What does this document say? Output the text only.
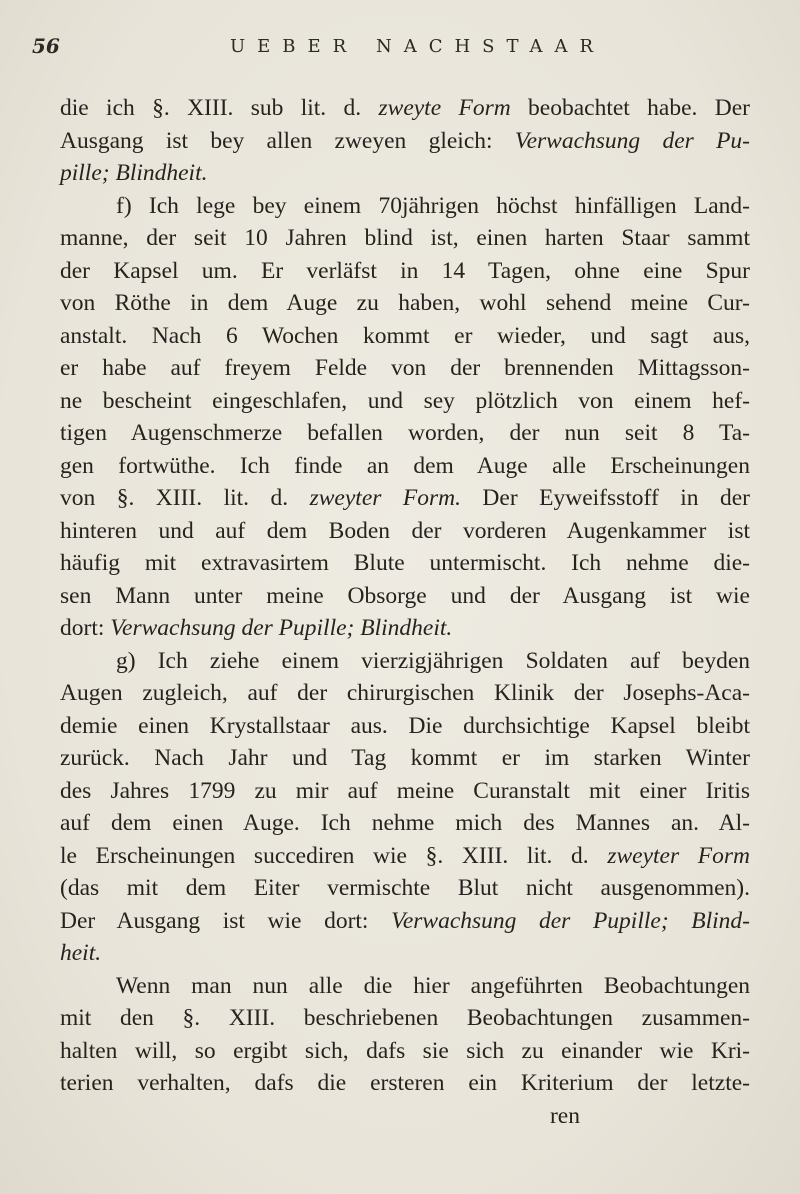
56	UEBER NACHSTAAR
die ich §. XIII. sub lit. d. zweyte Form beobachtet habe. Der
Ausgang ist bey allen zweyen gleich: Verwachsung der Pu-
pille; Blindheit.
f) Ich lege bey einem 70jährigen höchst hinfälligen Land-
manne, der seit 10 Jahren blind ist, einen harten Staar sammt
der Kapsel um. Er verläfst in 14 Tagen, ohne eine Spur
von Röthe in dem Auge zu haben, wohl sehend meine Cur-
anstalt. Nach 6 Wochen kommt er wieder, und sagt aus,
er habe auf freyem Felde von der brennenden Mittagsson-
ne bescheint eingeschlafen, und sey plötzlich von einem hef-
tigen Augenschmerze befallen worden, der nun seit 8 Ta-
gen fortwüthe. Ich finde an dem Auge alle Erscheinungen
von §. XIII. lit. d. zweyter Form. Der Eyweifsstoff in der
hinteren und auf dem Boden der vorderen Augenkammer ist
häufig mit extravasirtem Blute untermischt. Ich nehme die-
sen Mann unter meine Obsorge und der Ausgang ist wie
dort: Verwachsung der Pupille; Blindheit.
g) Ich ziehe einem vierzigjährigen Soldaten auf beyden
Augen zugleich, auf der chirurgischen Klinik der Josephs-Aca-
demie einen Krystallstaar aus. Die durchsichtige Kapsel bleibt
zurück. Nach Jahr und Tag kommt er im starken Winter
des Jahres 1799 zu mir auf meine Curanstalt mit einer Iritis
auf dem einen Auge. Ich nehme mich des Mannes an. Al-
le Erscheinungen succediren wie §. XIII. lit. d. zweyter Form
(das mit dem Eiter vermischte Blut nicht ausgenommen).
Der Ausgang ist wie dort: Verwachsung der Pupille; Blind-
heit.
Wenn man nun alle die hier angeführten Beobachtungen
mit den §. XIII. beschriebenen Beobachtungen zusammen-
halten will, so ergibt sich, dafs sie sich zu einander wie Kri-
terien verhalten, dafs die ersteren ein Kriterium der letzte-
ren
